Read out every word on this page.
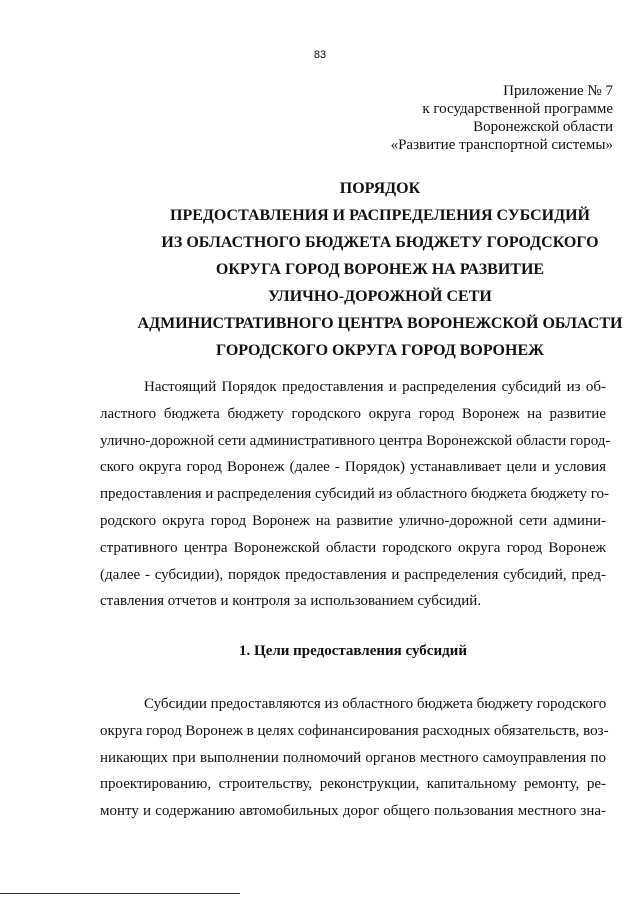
83
Приложение № 7
к государственной программе
Воронежской области
«Развитие транспортной системы»
ПОРЯДОК
ПРЕДОСТАВЛЕНИЯ И РАСПРЕДЕЛЕНИЯ СУБСИДИЙ
ИЗ ОБЛАСТНОГО БЮДЖЕТА БЮДЖЕТУ ГОРОДСКОГО
ОКРУГА ГОРОД ВОРОНЕЖ НА РАЗВИТИЕ
УЛИЧНО-ДОРОЖНОЙ СЕТИ
АДМИНИСТРАТИВНОГО ЦЕНТРА ВОРОНЕЖСКОЙ ОБЛАСТИ
ГОРОДСКОГО ОКРУГА ГОРОД ВОРОНЕЖ
Настоящий Порядок предоставления и распределения субсидий из об-
ластного бюджета бюджету городского округа город Воронеж на развитие
улично-дорожной сети административного центра Воронежской области город-
ского округа город Воронеж (далее - Порядок) устанавливает цели и условия
предоставления и распределения субсидий из областного бюджета бюджету го-
родского округа город Воронеж на развитие улично-дорожной сети админи-
стративного центра Воронежской области городского округа город Воронеж
(далее - субсидии), порядок предоставления и распределения субсидий, пред-
ставления отчетов и контроля за использованием субсидий.
1. Цели предоставления субсидий
Субсидии предоставляются из областного бюджета бюджету городского
округа город Воронеж в целях софинансирования расходных обязательств, воз-
никающих при выполнении полномочий органов местного самоуправления по
проектированию, строительству, реконструкции, капитальному ремонту, ре-
монту и содержанию автомобильных дорог общего пользования местного зна-
